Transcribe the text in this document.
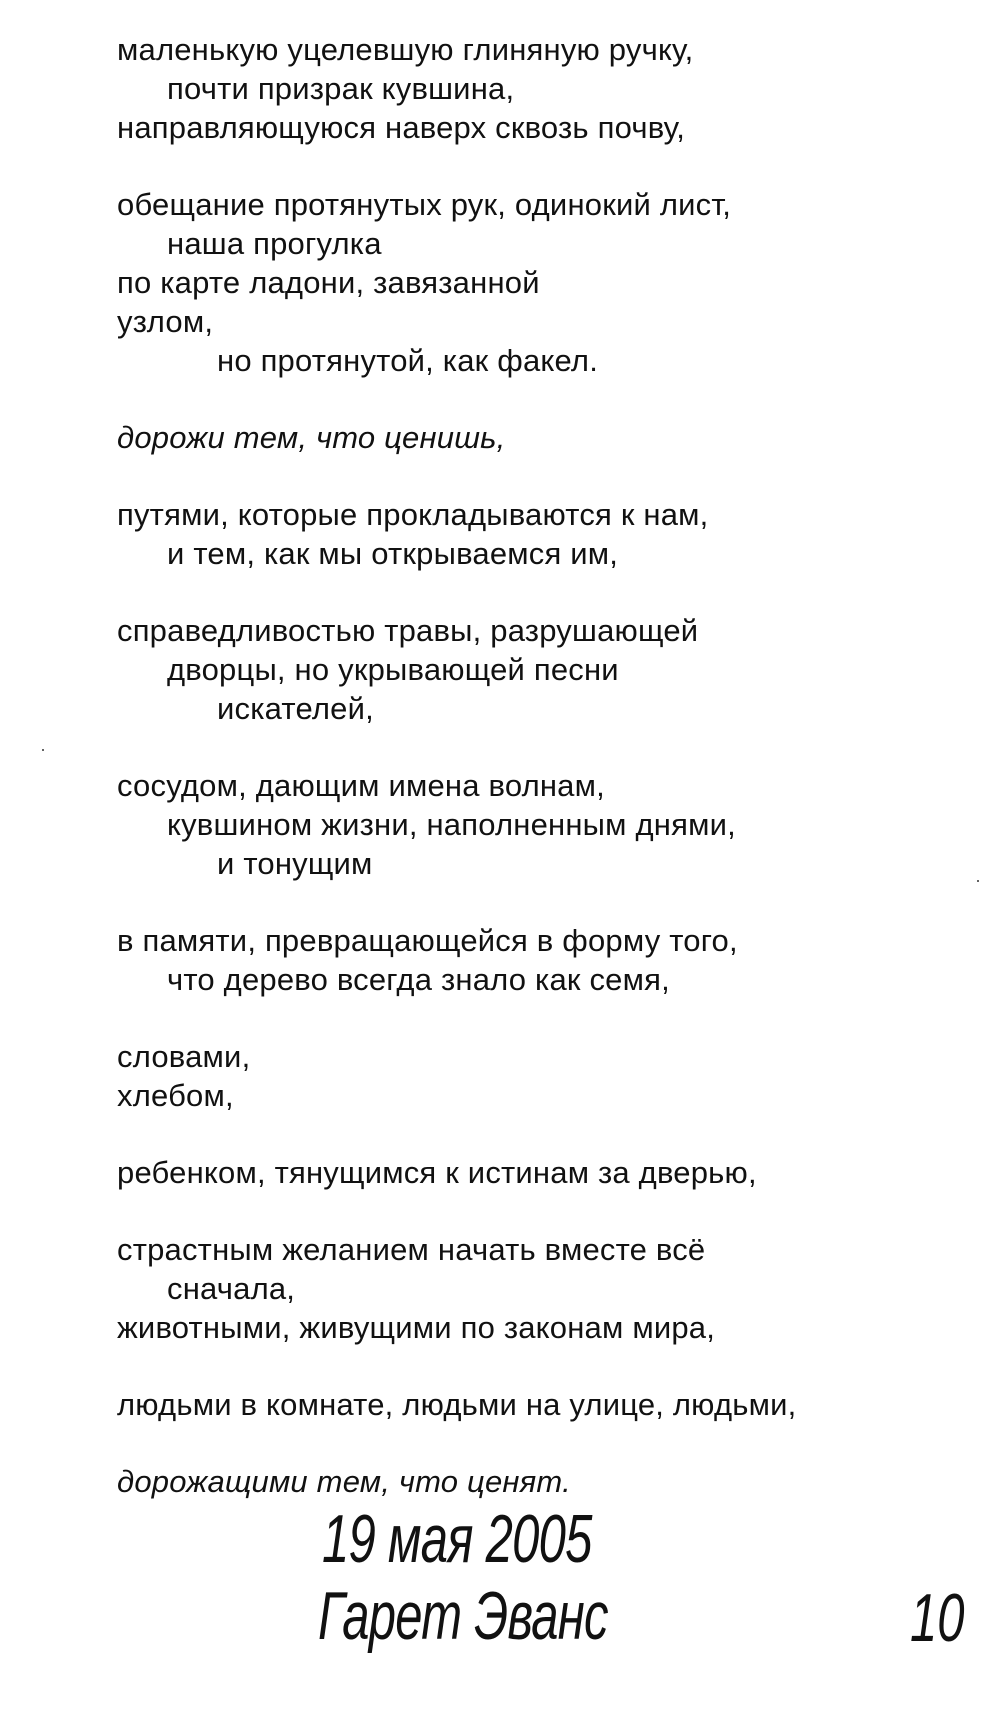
маленькую уцелевшую глиняную ручку,
почти призрак кувшина,
направляющуюся наверх сквозь почву,
обещание протянутых рук, одинокий лист,
наша прогулка
по карте ладони, завязанной
узлом,
но протянутой, как факел.
дорожи тем, что ценишь,
путями, которые прокладываются к нам,
и тем, как мы открываемся им,
справедливостью травы, разрушающей
дворцы, но укрывающей песни
искателей,
сосудом, дающим имена волнам,
кувшином жизни, наполненным днями,
и тонущим
в памяти, превращающейся в форму того,
что дерево всегда знало как семя,
словами,
хлебом,
ребенком, тянущимся к истинам за дверью,
страстным желанием начать вместе всё
сначала,
животными, живущими по законам мира,
людьми в комнате, людьми на улице, людьми,
дорожащими тем, что ценят.
19 мая 2005
Гарет Эванс	10
